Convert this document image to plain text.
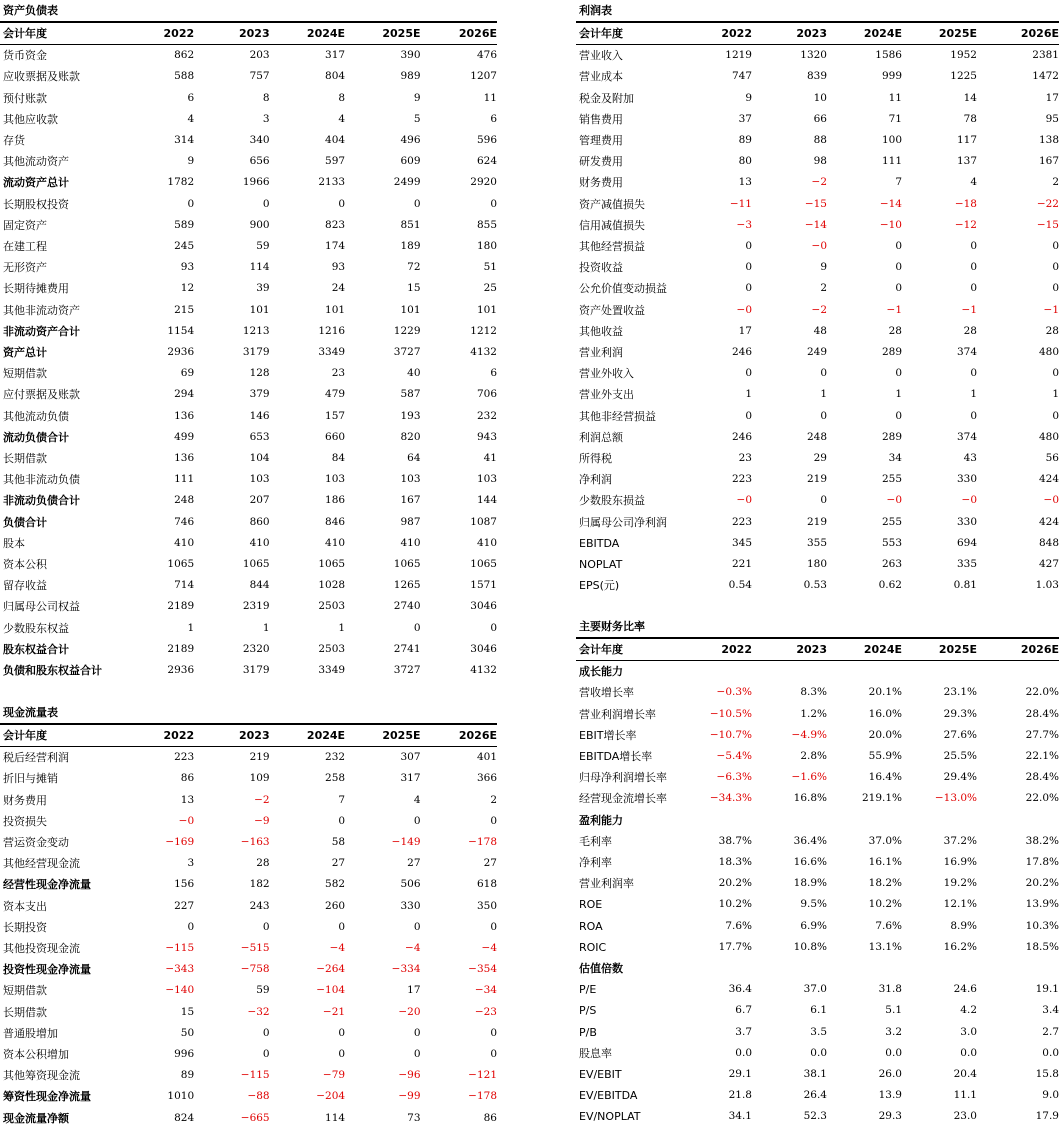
资产负债表
会计年度	2022	2023	2024E	2025E	2026E
货币资金	862	203	317	390	476
应收票据及账款	588	757	804	989	1207
预付账款	6	8	8	9	11
其他应收款	4	3	4	5	6
存货	314	340	404	496	596
其他流动资产	9	656	597	609	624
流动资产总计	1782	1966	2133	2499	2920
长期股权投资	0	0	0	0	0
固定资产	589	900	823	851	855
在建工程	245	59	174	189	180
无形资产	93	114	93	72	51
长期待摊费用	12	39	24	15	25
其他非流动资产	215	101	101	101	101
非流动资产合计	1154	1213	1216	1229	1212
资产总计	2936	3179	3349	3727	4132
短期借款	69	128	23	40	6
应付票据及账款	294	379	479	587	706
其他流动负债	136	146	157	193	232
流动负债合计	499	653	660	820	943
长期借款	136	104	84	64	41
其他非流动负债	111	103	103	103	103
非流动负债合计	248	207	186	167	144
负债合计	746	860	846	987	1087
股本	410	410	410	410	410
资本公积	1065	1065	1065	1065	1065
留存收益	714	844	1028	1265	1571
归属母公司权益	2189	2319	2503	2740	3046
少数股东权益	1	1	1	0	0
股东权益合计	2189	2320	2503	2741	3046
负债和股东权益合计	2936	3179	3349	3727	4132
现金流量表
会计年度	2022	2023	2024E	2025E	2026E
税后经营利润	223	219	232	307	401
折旧与摊销	86	109	258	317	366
财务费用	13	−2	7	4	2
投资损失	−0	−9	0	0	0
营运资金变动	−169	−163	58	−149	−178
其他经营现金流	3	28	27	27	27
经营性现金净流量	156	182	582	506	618
资本支出	227	243	260	330	350
长期投资	0	0	0	0	0
其他投资现金流	−115	−515	−4	−4	−4
投资性现金净流量	−343	−758	−264	−334	−354
短期借款	−140	59	−104	17	−34
长期借款	15	−32	−21	−20	−23
普通股增加	50	0	0	0	0
资本公积增加	996	0	0	0	0
其他筹资现金流	89	−115	−79	−96	−121
筹资性现金净流量	1010	−88	−204	−99	−178
现金流量净额	824	−665	114	73	86
利润表
会计年度	2022	2023	2024E	2025E	2026E
营业收入	1219	1320	1586	1952	2381
营业成本	747	839	999	1225	1472
税金及附加	9	10	11	14	17
销售费用	37	66	71	78	95
管理费用	89	88	100	117	138
研发费用	80	98	111	137	167
财务费用	13	−2	7	4	2
资产减值损失	−11	−15	−14	−18	−22
信用减值损失	−3	−14	−10	−12	−15
其他经营损益	0	−0	0	0	0
投资收益	0	9	0	0	0
公允价值变动损益	0	2	0	0	0
资产处置收益	−0	−2	−1	−1	−1
其他收益	17	48	28	28	28
营业利润	246	249	289	374	480
营业外收入	0	0	0	0	0
营业外支出	1	1	1	1	1
其他非经营损益	0	0	0	0	0
利润总额	246	248	289	374	480
所得税	23	29	34	43	56
净利润	223	219	255	330	424
少数股东损益	−0	0	−0	−0	−0
归属母公司净利润	223	219	255	330	424
EBITDA	345	355	553	694	848
NOPLAT	221	180	263	335	427
EPS(元)	0.54	0.53	0.62	0.81	1.03
主要财务比率
会计年度	2022	2023	2024E	2025E	2026E
成长能力					
营收增长率	−0.3%	8.3%	20.1%	23.1%	22.0%
营业利润增长率	−10.5%	1.2%	16.0%	29.3%	28.4%
EBIT增长率	−10.7%	−4.9%	20.0%	27.6%	27.7%
EBITDA增长率	−5.4%	2.8%	55.9%	25.5%	22.1%
归母净利润增长率	−6.3%	−1.6%	16.4%	29.4%	28.4%
经营现金流增长率	−34.3%	16.8%	219.1%	−13.0%	22.0%
盈利能力					
毛利率	38.7%	36.4%	37.0%	37.2%	38.2%
净利率	18.3%	16.6%	16.1%	16.9%	17.8%
营业利润率	20.2%	18.9%	18.2%	19.2%	20.2%
ROE	10.2%	9.5%	10.2%	12.1%	13.9%
ROA	7.6%	6.9%	7.6%	8.9%	10.3%
ROIC	17.7%	10.8%	13.1%	16.2%	18.5%
估值倍数					
P/E	36.4	37.0	31.8	24.6	19.1
P/S	6.7	6.1	5.1	4.2	3.4
P/B	3.7	3.5	3.2	3.0	2.7
股息率	0.0	0.0	0.0	0.0	0.0
EV/EBIT	29.1	38.1	26.0	20.4	15.8
EV/EBITDA	21.8	26.4	13.9	11.1	9.0
EV/NOPLAT	34.1	52.3	29.3	23.0	17.9
